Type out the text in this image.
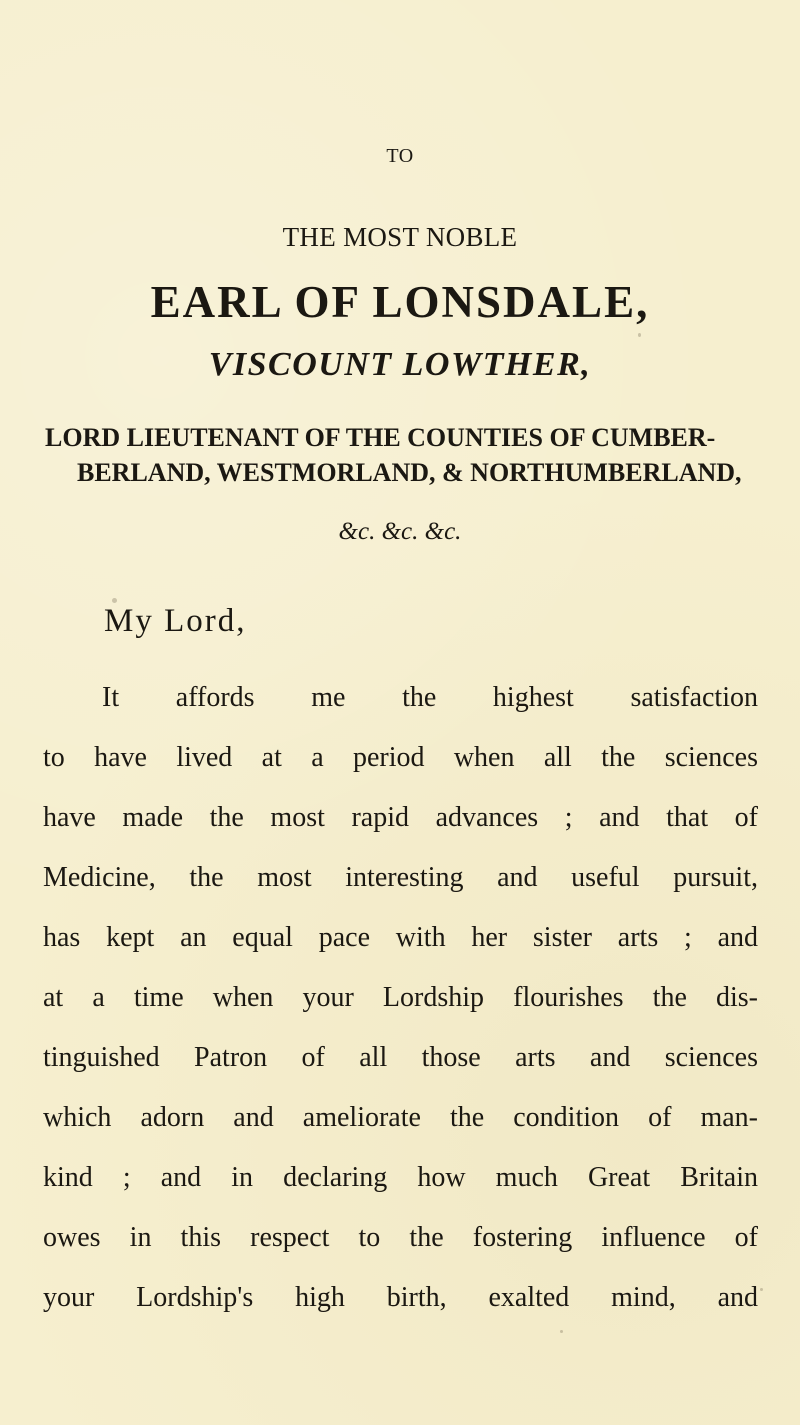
TO
THE MOST NOBLE
EARL OF LONSDALE,
VISCOUNT LOWTHER,
LORD LIEUTENANT OF THE COUNTIES OF CUMBER-
BERLAND, WESTMORLAND, & NORTHUMBERLAND,
&c. &c. &c.
My Lord,
It affords me the highest satisfaction
to have lived at a period when all the sciences
have made the most rapid advances ; and that of
Medicine, the most interesting and useful pursuit,
has kept an equal pace with her sister arts ; and
at a time when your Lordship flourishes the dis-
tinguished Patron of all those arts and sciences
which adorn and ameliorate the condition of man-
kind ; and in declaring how much Great Britain
owes in this respect to the fostering influence of
your Lordship's high birth, exalted mind, and
